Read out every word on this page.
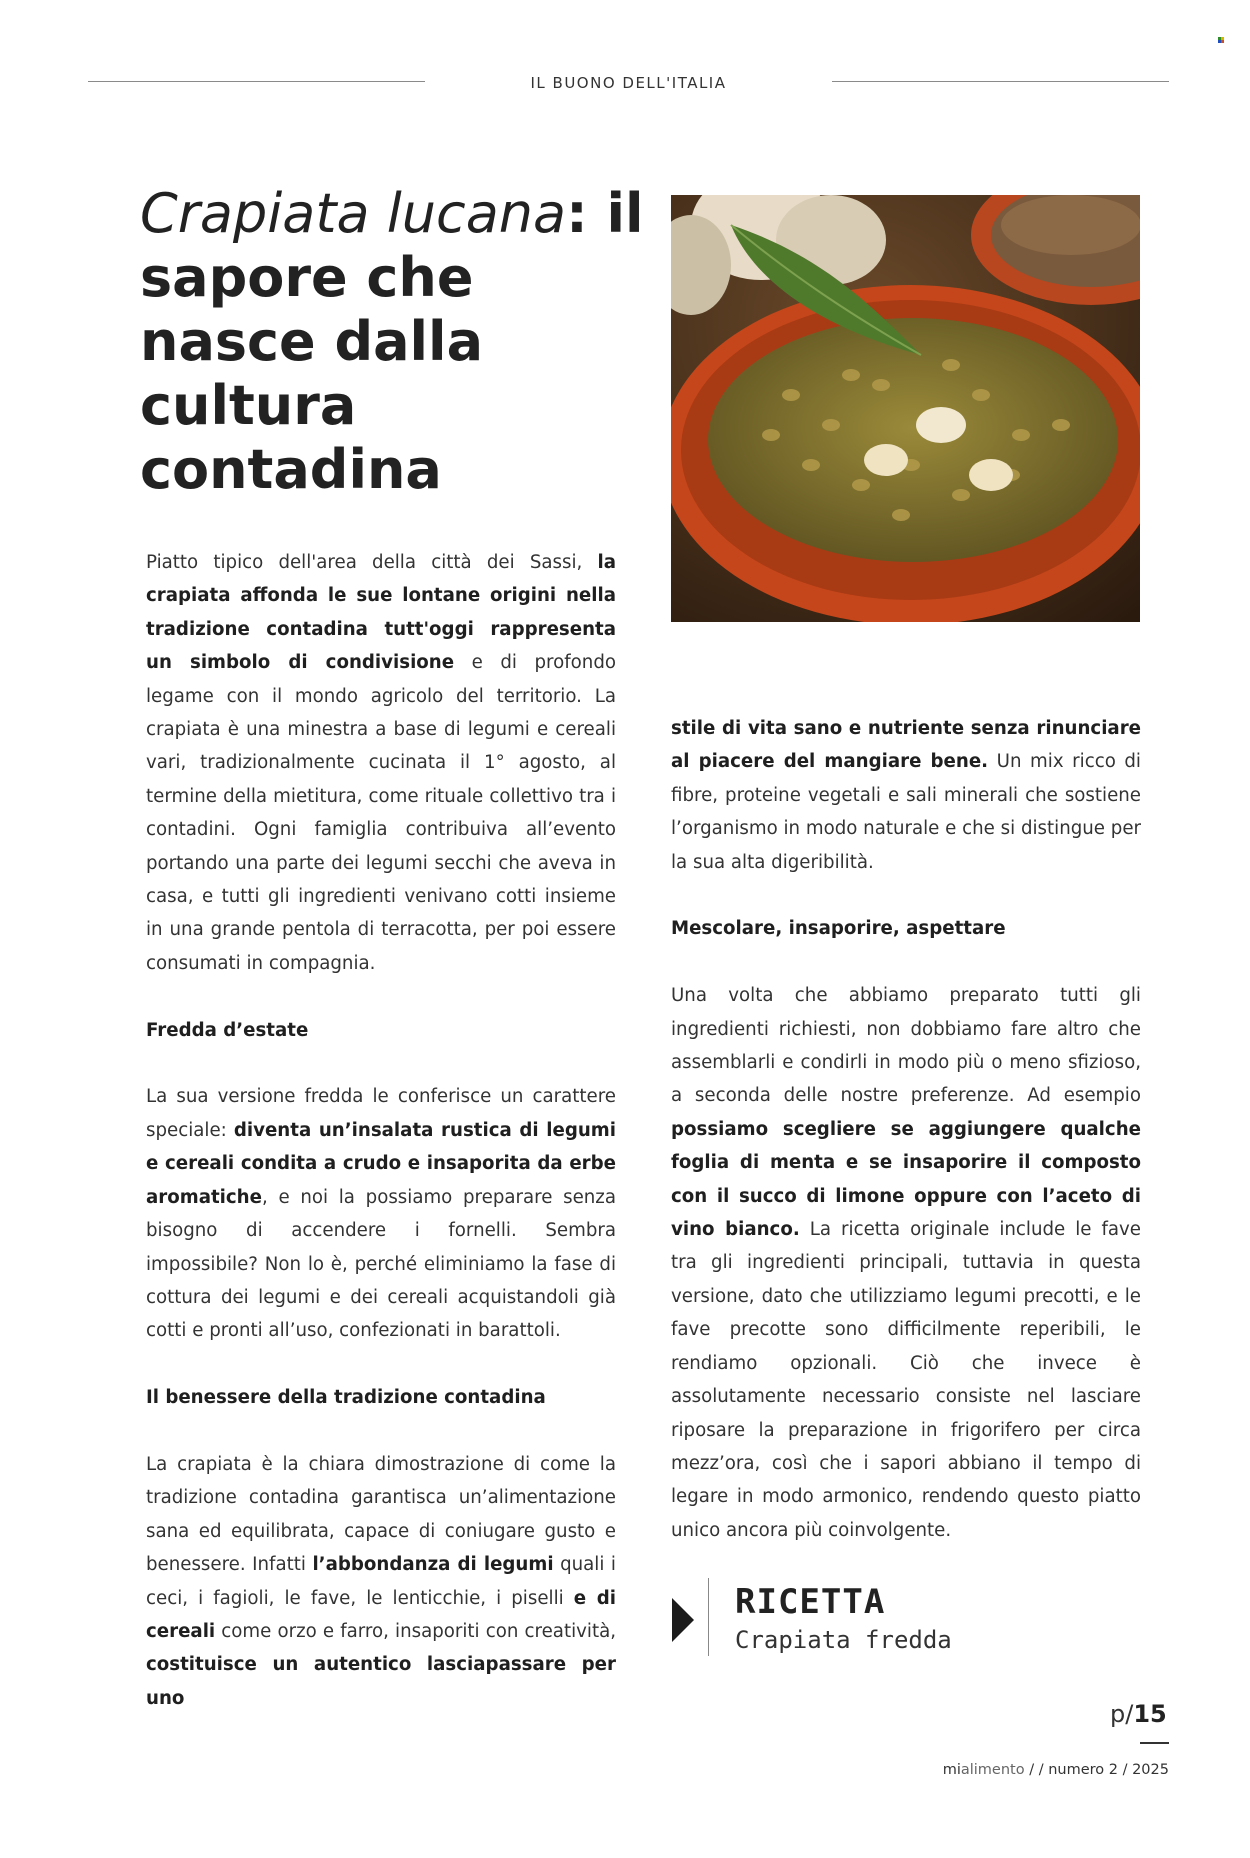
IL BUONO DELL'ITALIA
Crapiata lucana: il sapore che nasce dalla cultura contadina

Piatto tipico dell'area della città dei Sassi, la crapiata affonda le sue lontane origini nella tradizione contadina tutt'oggi rappresenta un simbolo di condivisione e di profondo legame con il mondo agricolo del territorio. La crapiata è una minestra a base di legumi e cereali vari, tradizionalmente cucinata il 1° agosto, al termine della mietitura, come rituale collettivo tra i contadini. Ogni famiglia contribuiva all’evento portando una parte dei legumi secchi che aveva in casa, e tutti gli ingredienti venivano cotti insieme in una grande pentola di terracotta, per poi essere consumati in compagnia.

Fredda d’estate

La sua versione fredda le conferisce un carattere speciale: diventa un’insalata rustica di legumi e cereali condita a crudo e insaporita da erbe aromatiche, e noi la possiamo preparare senza bisogno di accendere i fornelli. Sembra impossibile? Non lo è, perché eliminiamo la fase di cottura dei legumi e dei cereali acquistandoli già cotti e pronti all’uso, confezionati in barattoli.

Il benessere della tradizione contadina

La crapiata è la chiara dimostrazione di come la tradizione contadina garantisca un’alimentazione sana ed equilibrata, capace di coniugare gusto e benessere. Infatti l’abbondanza di legumi quali i ceci, i fagioli, le fave, le lenticchie, i piselli e di cereali come orzo e farro, insaporiti con creatività, costituisce un autentico lasciapassare per uno

stile di vita sano e nutriente senza rinunciare al piacere del mangiare bene. Un mix ricco di fibre, proteine vegetali e sali minerali che sostiene l’organismo in modo naturale e che si distingue per la sua alta digeribilità.

Mescolare, insaporire, aspettare

Una volta che abbiamo preparato tutti gli ingredienti richiesti, non dobbiamo fare altro che assemblarli e condirli in modo più o meno sfizioso, a seconda delle nostre preferenze. Ad esempio possiamo scegliere se aggiungere qualche foglia di menta e se insaporire il composto con il succo di limone oppure con l’aceto di vino bianco. La ricetta originale include le fave tra gli ingredienti principali, tuttavia in questa versione, dato che utilizziamo legumi precotti, e le fave precotte sono difficilmente reperibili, le rendiamo opzionali. Ciò che invece è assolutamente necessario consiste nel lasciare riposare la preparazione in frigorifero per circa mezz’ora, così che i sapori abbiano il tempo di legare in modo armonico, rendendo questo piatto unico ancora più coinvolgente.

RICETTA
Crapiata fredda
p/15
mialimento / / numero 2 / 2025
